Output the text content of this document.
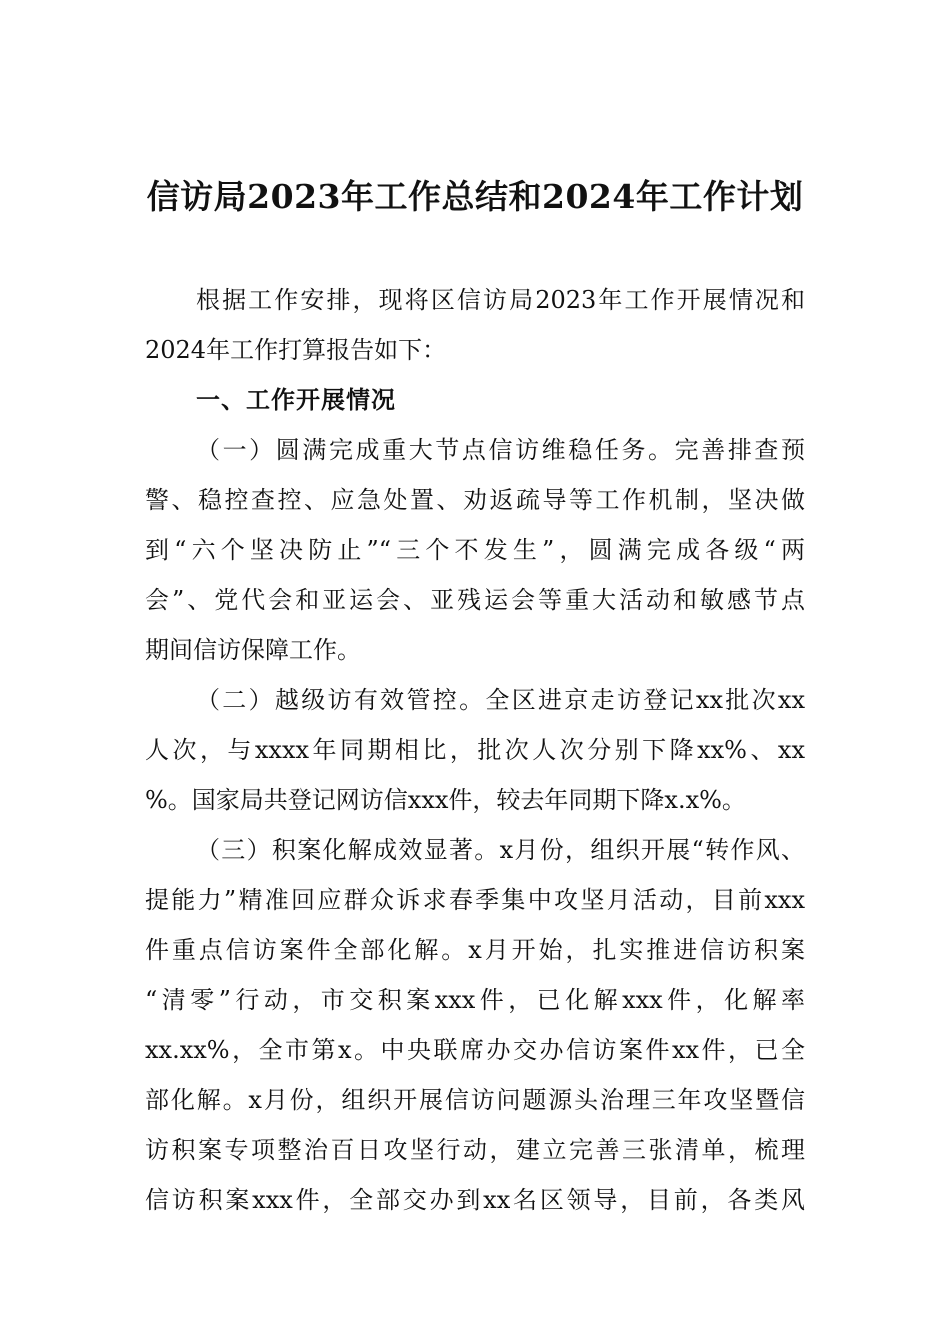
信访局2023年工作总结和2024年工作计划

根据工作安排，现将区信访局2023年工作开展情况和

2024年工作打算报告如下：

一、工作开展情况

（一）圆满完成重大节点信访维稳任务。完善排查预

警、稳控查控、应急处置、劝返疏导等工作机制，坚决做

到“六个坚决防止”“三个不发生”，圆满完成各级“两

会”、党代会和亚运会、亚残运会等重大活动和敏感节点

期间信访保障工作。

（二）越级访有效管控。全区进京走访登记xx批次xx

人次，与xxxx年同期相比，批次人次分别下降xx%、xx

%。国家局共登记网访信xxx件，较去年同期下降x.x%。

（三）积案化解成效显著。x月份，组织开展“转作风、

提能力”精准回应群众诉求春季集中攻坚月活动，目前xxx

件重点信访案件全部化解。x月开始，扎实推进信访积案

“清零”行动，市交积案xxx件，已化解xxx件，化解率

xx.xx%，全市第x。中央联席办交办信访案件xx件，已全

部化解。x月份，组织开展信访问题源头治理三年攻坚暨信

访积案专项整治百日攻坚行动，建立完善三张清单，梳理

信访积案xxx件，全部交办到xx名区领导，目前，各类风
